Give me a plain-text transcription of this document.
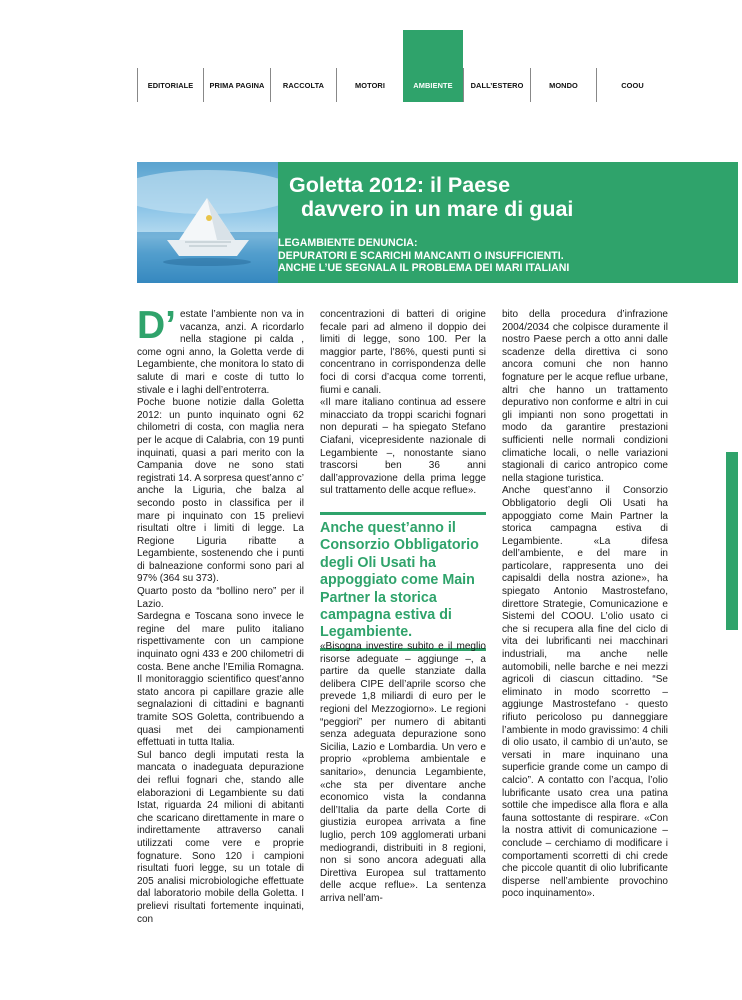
EDITORIALE PRIMA PAGINA RACCOLTA	MOTORI	AMBIENTE DALL’ESTERO	MONDO	COOU
Goletta 2012: il Paese
davvero in un mare di guai
LEGAMBIENTE DENUNCIA:
DEPURATORI E SCARICHI MANCANTI O INSUFFICIENTI.
ANCHE L’UE SEGNALA IL PROBLEMA DEI MARI ITALIANI
D’ estate l’ambiente non va in vacanza, anzi. A ricordarlo nella stagione pi calda , come ogni anno, la Goletta verde di Legambiente, che monitora lo stato di salute di mari e coste di tutto lo stivale e i laghi dell’entroterra.

Poche buone notizie dalla Goletta 2012: un punto inquinato ogni 62 chilometri di costa, con maglia nera per le acque di Calabria, con 19 punti inquinati, quasi a pari merito con la Campania dove ne sono stati registrati 14. A sorpresa quest’anno c’ anche la Liguria, che balza al secondo posto in classifica per il mare pi inquinato con 15 prelievi risultati oltre i limiti di legge. La Regione Liguria ribatte a Legambiente, sostenendo che i punti di balneazione conformi sono pari al 97% (364 su 373).

Quarto posto da “bollino nero” per il Lazio.

Sardegna e Toscana sono invece le regine del mare pulito italiano rispettivamente con un campione inquinato ogni 433 e 200 chilometri di costa. Bene anche l’Emilia Romagna. Il monitoraggio scientifico quest’anno stato ancora pi capillare grazie alle segnalazioni di cittadini e bagnanti tramite SOS Goletta, contribuendo a quasi met dei campionamenti effettuati in tutta Italia.

Sul banco degli imputati resta la mancata o inadeguata depurazione dei reflui fognari che, stando alle elaborazioni di Legambiente su dati Istat, riguarda 24 milioni di abitanti che scaricano direttamente in mare o indirettamente attraverso canali utilizzati come vere e proprie fognature. Sono 120 i campioni risultati fuori legge, su un totale di 205 analisi microbiologiche effettuate dal laboratorio mobile della Goletta. I prelievi risultati fortemente inquinati, con

concentrazioni di batteri di origine fecale pari ad almeno il doppio dei limiti di legge, sono 100. Per la maggior parte, l’86%, questi punti si concentrano in corrispondenza delle foci di corsi d’acqua come torrenti, fiumi e canali.

«Il mare italiano continua ad essere minacciato da troppi scarichi fognari non depurati – ha spiegato Stefano Ciafani, vicepresidente nazionale di Legambiente –, nonostante siano trascorsi ben 36 anni dall’approvazione della prima legge sul trattamento delle acque reflue».

Anche quest’anno il Consorzio Obbligatorio degli Oli Usati ha appoggiato come Main Partner la storica campagna estiva di Legambiente.

«Bisogna investire subito e il meglio risorse adeguate – aggiunge –, a partire da quelle stanziate dalla delibera CIPE dell’aprile scorso che prevede 1,8 miliardi di euro per le regioni del Mezzogiorno». Le regioni “peggiori” per numero di abitanti senza adeguata depurazione sono Sicilia, Lazio e Lombardia. Un vero e proprio «problema ambientale e sanitario», denuncia Legambiente, «che sta per diventare anche economico vista la condanna dell’Italia da parte della Corte di giustizia europea arrivata a fine luglio, perch 109 agglomerati urbani mediograndi, distribuiti in 8 regioni, non si sono ancora adeguati alla Direttiva Europea sul trattamento delle acque reflue». La sentenza arriva nell’am-

bito della procedura d’infrazione 2004/2034 che colpisce duramente il nostro Paese perch a otto anni dalle scadenze della direttiva ci sono ancora comuni che non hanno fognature per le acque reflue urbane, altri che hanno un trattamento depurativo non conforme e altri in cui gli impianti non sono progettati in modo da garantire prestazioni sufficienti nelle normali condizioni climatiche locali, o nelle variazioni stagionali di carico antropico come nella stagione turistica.

Anche quest’anno il Consorzio Obbligatorio degli Oli Usati ha appoggiato come Main Partner la storica campagna estiva di Legambiente. «La difesa dell’ambiente, e del mare in particolare, rappresenta uno dei capisaldi della nostra azione», ha spiegato Antonio Mastrostefano, direttore Strategie, Comunicazione e Sistemi del COOU. L’olio usato ci che si recupera alla fine del ciclo di vita dei lubrificanti nei macchinari industriali, ma anche nelle automobili, nelle barche e nei mezzi agricoli di ciascun cittadino. “Se eliminato in modo scorretto – aggiunge Mastrostefano - questo rifiuto pericoloso pu danneggiare l’ambiente in modo gravissimo: 4 chili di olio usato, il cambio di un’auto, se versati in mare inquinano una superficie grande come un campo di calcio”. A contatto con l’acqua, l’olio lubrificante usato crea una patina sottile che impedisce alla flora e alla fauna sottostante di respirare. «Con la nostra attivit di comunicazione – conclude – cerchiamo di modificare i comportamenti scorretti di chi crede che piccole quantit di olio lubrificante disperse nell’ambiente provochino poco inquinamento».
